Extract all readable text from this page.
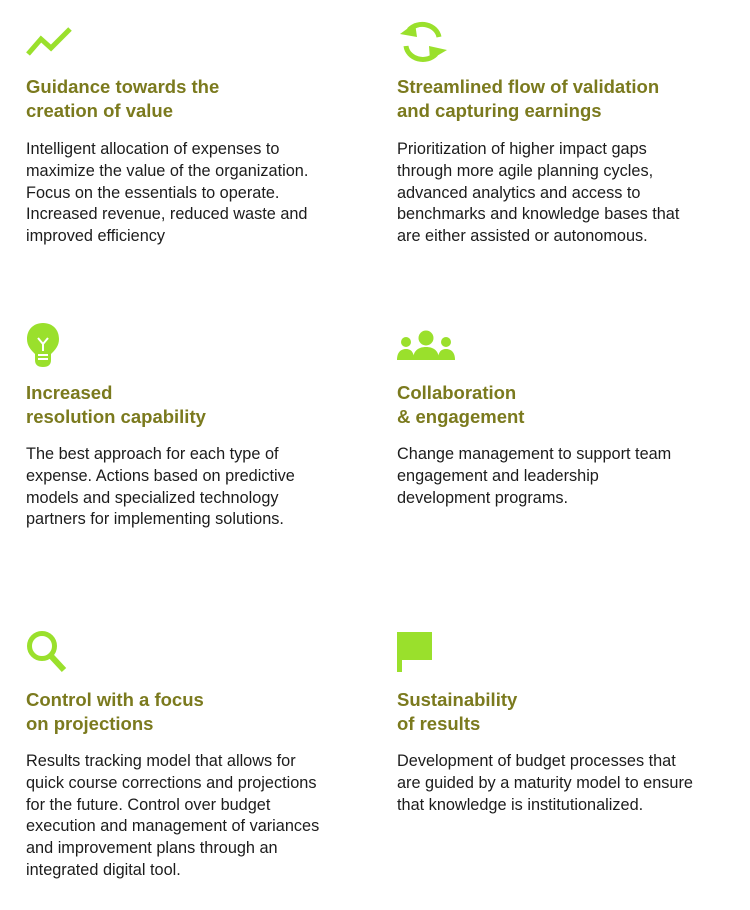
Guidance towards the
creation of value

Intelligent allocation of expenses to
maximize the value of the organization.
Focus on the essentials to operate.
Increased revenue, reduced waste and
improved efficiency

Streamlined flow of validation
and capturing earnings

Prioritization of higher impact gaps
through more agile planning cycles,
advanced analytics and access to
benchmarks and knowledge bases that
are either assisted or autonomous.

Increased
resolution capability

The best approach for each type of
expense. Actions based on predictive
models and specialized technology
partners for implementing solutions.

Collaboration
& engagement

Change management to support team
engagement and leadership
development programs.

Control with a focus
on projections

Results tracking model that allows for
quick course corrections and projections
for the future. Control over budget
execution and management of variances
and improvement plans through an
integrated digital tool.

Sustainability
of results

Development of budget processes that
are guided by a maturity model to ensure
that knowledge is institutionalized.
